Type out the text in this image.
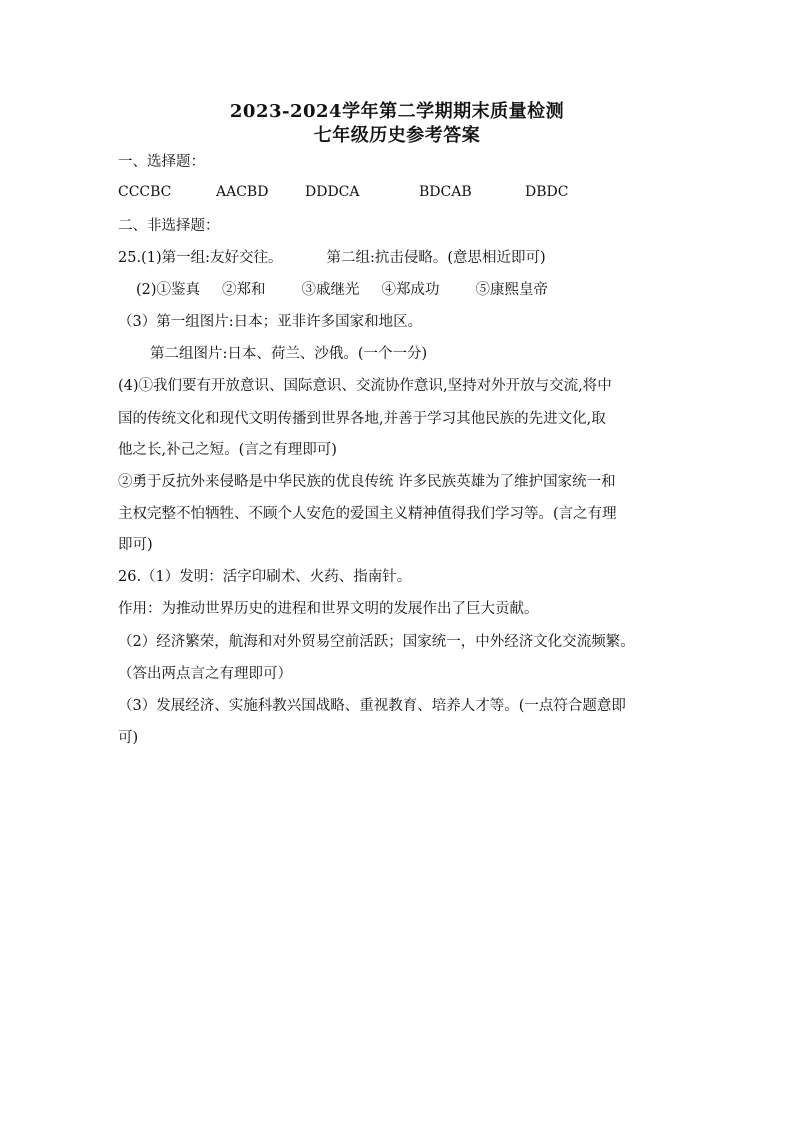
2023-2024学年第二学期期末质量检测
七年级历史参考答案
一、选择题：
CCCBC	AACBD	DDDCA	BDCAB	DBDC
二、非选择题：
25.(1)第一组:友好交往。	第二组:抗击侵略。(意思相近即可)
(2)①鉴真 ②郑和 ③戚继光 ④郑成功 ⑤康熙皇帝
（3）第一组图片:日本；亚非许多国家和地区。
第二组图片:日本、荷兰、沙俄。(一个一分)
(4)①我们要有开放意识、国际意识、交流协作意识,坚持对外开放与交流,将中
国的传统文化和现代文明传播到世界各地,并善于学习其他民族的先进文化,取
他之长,补己之短。(言之有理即可)
②勇于反抗外来侵略是中华民族的优良传统 许多民族英雄为了维护国家统一和
主权完整不怕牺牲、不顾个人安危的爱国主义精神值得我们学习等。(言之有理
即可)
26.（1）发明：活字印刷术、火药、指南针。
作用：为推动世界历史的进程和世界文明的发展作出了巨大贡献。
（2）经济繁荣，航海和对外贸易空前活跃；国家统一，中外经济文化交流频繁。
（答出两点言之有理即可）
（3）发展经济、实施科教兴国战略、重视教育、培养人才等。(一点符合题意即
可)
